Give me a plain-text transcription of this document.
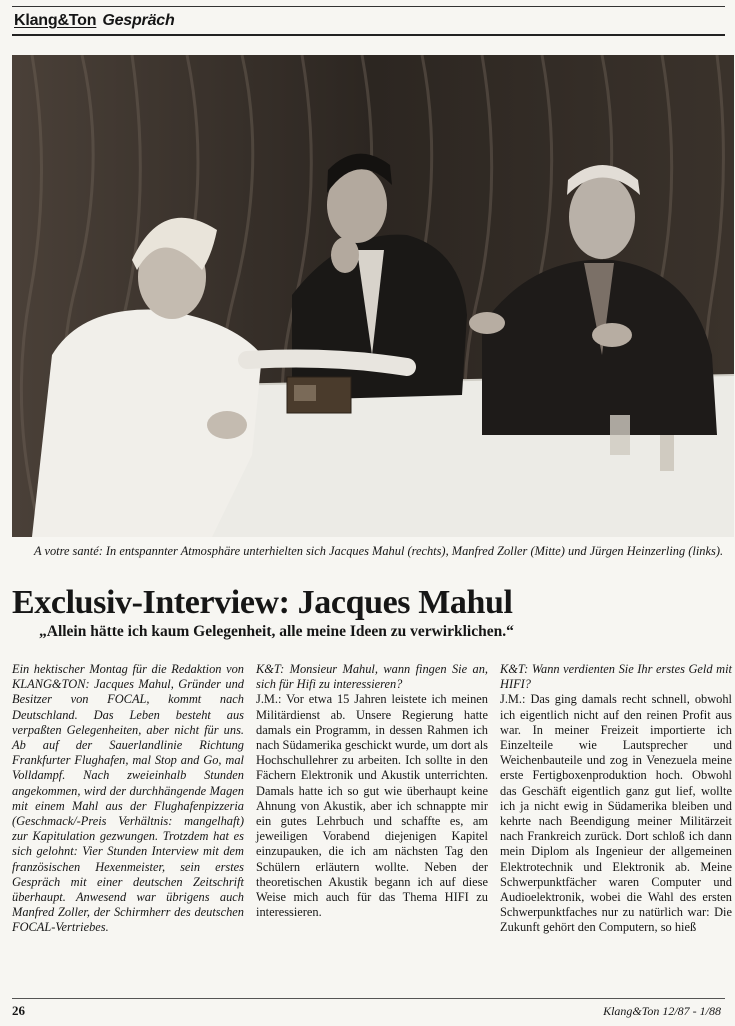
Klang&Ton Gespräch
A votre santé: In entspannter Atmosphäre unterhielten sich Jacques Mahul (rechts), Manfred Zoller (Mitte) und Jürgen Heinzerling (links).
Exclusiv-Interview: Jacques Mahul
„Allein hätte ich kaum Gelegenheit, alle meine Ideen zu verwirklichen.“
Ein hektischer Montag für die Redaktion von KLANG&TON: Jacques Mahul, Gründer und Besitzer von FOCAL, kommt nach Deutschland. Das Leben besteht aus verpaßten Gelegenheiten, aber nicht für uns. Ab auf der Sauerlandlinie Richtung Frankfurter Flughafen, mal Stop and Go, mal Volldampf. Nach zweieinhalb Stunden angekommen, wird der durchhängende Magen mit einem Mahl aus der Flughafenpizzeria (Geschmack/-Preis Verhältnis: mangelhaft) zur Kapitulation gezwungen. Trotzdem hat es sich gelohnt: Vier Stunden Interview mit dem französischen Hexenmeister, sein erstes Gespräch mit einer deutschen Zeitschrift überhaupt. Anwesend war übrigens auch Manfred Zoller, der Schirmherr des deutschen FOCAL-Vertriebes.
K&T: Monsieur Mahul, wann fingen Sie an, sich für Hifi zu interessieren?
J.M.: Vor etwa 15 Jahren leistete ich meinen Militärdienst ab. Unsere Regierung hatte damals ein Programm, in dessen Rahmen ich nach Südamerika geschickt wurde, um dort als Hochschullehrer zu arbeiten. Ich sollte in den Fächern Elektronik und Akustik unterrichten. Damals hatte ich so gut wie überhaupt keine Ahnung von Akustik, aber ich schnappte mir ein gutes Lehrbuch und schaffte es, am jeweiligen Vorabend diejenigen Kapitel einzupauken, die ich am nächsten Tag den Schülern erläutern wollte. Neben der theoretischen Akustik begann ich auf diese Weise mich auch für das Thema HIFI zu interessieren.
K&T: Wann verdienten Sie Ihr erstes Geld mit HIFI?
J.M.: Das ging damals recht schnell, obwohl ich eigentlich nicht auf den reinen Profit aus war. In meiner Freizeit importierte ich Einzelteile wie Lautsprecher und Weichenbauteile und zog in Venezuela meine erste Fertigboxenproduktion hoch. Obwohl das Geschäft eigentlich ganz gut lief, wollte ich ja nicht ewig in Südamerika bleiben und kehrte nach Beendigung meiner Militärzeit nach Frankreich zurück. Dort schloß ich dann mein Diplom als Ingenieur der allgemeinen Elektrotechnik und Elektronik ab. Meine Schwerpunktfächer waren Computer und Audioelektronik, wobei die Wahl des ersten Schwerpunktfaches nur zu natürlich war: Die Zukunft gehört den Computern, so hieß
26	Klang&Ton 12/87 - 1/88
